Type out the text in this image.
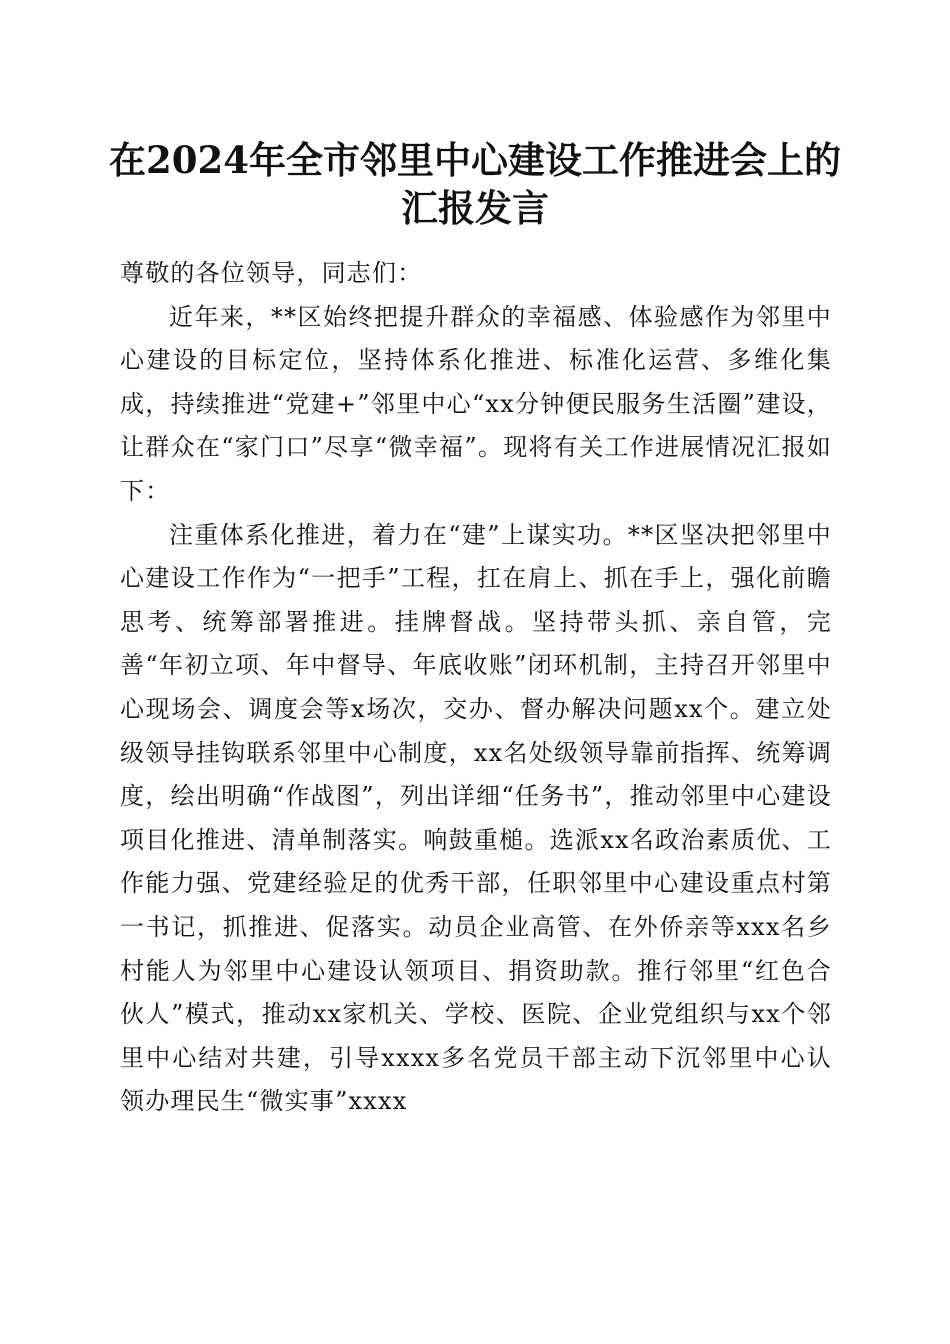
在2024年全市邻里中心建设工作推进会上的
汇报发言

尊敬的各位领导，同志们：

近年来，**区始终把提升群众的幸福感、体验感作为邻里中心建设的目标定位，坚持体系化推进、标准化运营、多维化集成，持续推进“党建+”邻里中心“xx分钟便民服务生活圈”建设，让群众在“家门口”尽享“微幸福”。现将有关工作进展情况汇报如下：

注重体系化推进，着力在“建”上谋实功。**区坚决把邻里中心建设工作作为“一把手”工程，扛在肩上、抓在手上，强化前瞻思考、统筹部署推进。挂牌督战。坚持带头抓、亲自管，完善“年初立项、年中督导、年底收账”闭环机制，主持召开邻里中心现场会、调度会等x场次，交办、督办解决问题xx个。建立处级领导挂钩联系邻里中心制度，xx名处级领导靠前指挥、统筹调度，绘出明确“作战图”，列出详细“任务书”，推动邻里中心建设项目化推进、清单制落实。响鼓重槌。选派xx名政治素质优、工作能力强、党建经验足的优秀干部，任职邻里中心建设重点村第一书记，抓推进、促落实。动员企业高管、在外侨亲等xxx名乡村能人为邻里中心建设认领项目、捐资助款。推行邻里“红色合伙人”模式，推动xx家机关、学校、医院、企业党组织与xx个邻里中心结对共建，引导xxxx多名党员干部主动下沉邻里中心认领办理民生“微实事”xxxx
